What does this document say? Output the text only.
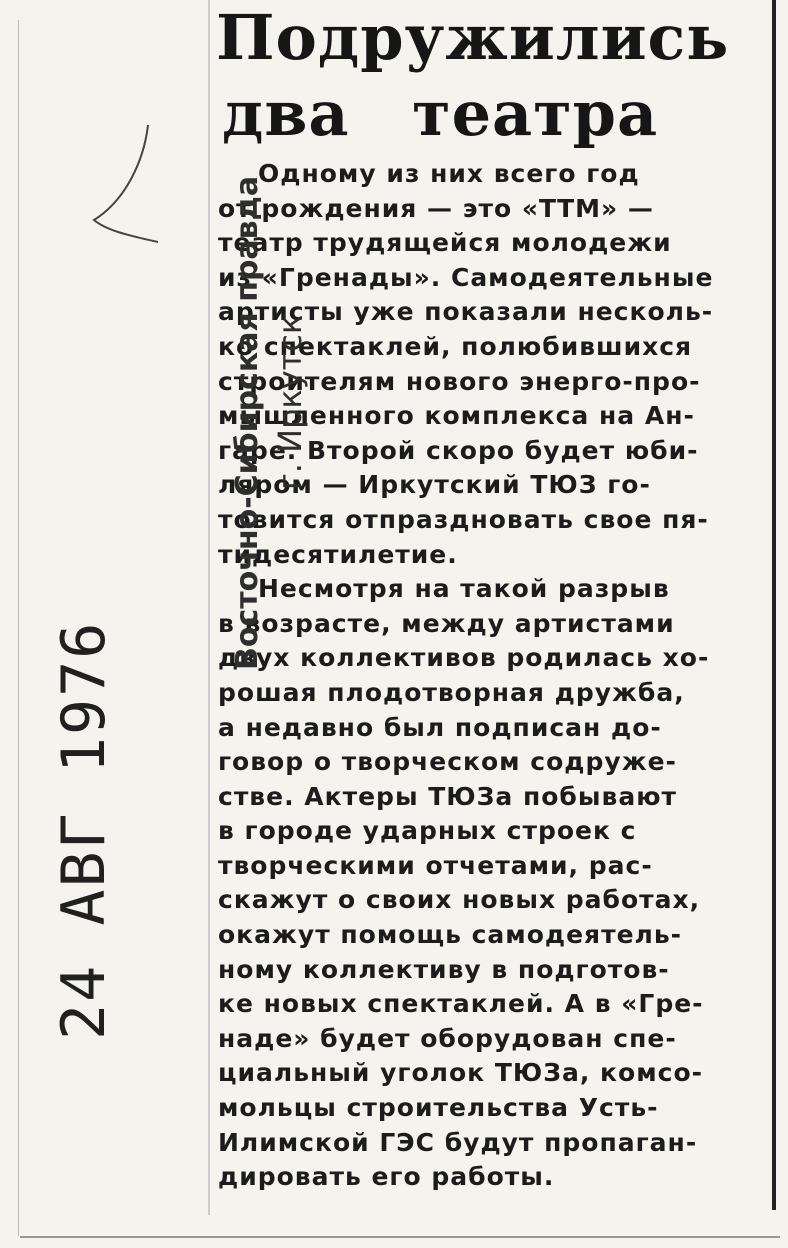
Подружились
два театра

Одному из них всего год

от рождения — это «ТТМ» —

театр трудящейся молодежи

из «Гренады». Самодеятельные

артисты уже показали несколь-

ко спектаклей, полюбившихся

строителям нового энерго-про-

мышленного комплекса на Ан-

гаре. Второй скоро будет юби-

ляром — Иркутский ТЮЗ го-

товится отпраздновать свое пя-

тидесятилетие.

Несмотря на такой разрыв

в возрасте, между артистами

двух коллективов родилась хо-

рошая плодотворная дружба,

а недавно был подписан до-

говор о творческом содруже-

стве. Актеры ТЮЗа побывают

в городе ударных строек с

творческими отчетами, рас-

скажут о своих новых работах,

окажут помощь самодеятель-

ному коллективу в подготов-

ке новых спектаклей. А в «Гре-

наде» будет оборудован спе-

циальный уголок ТЮЗа, комсо-

мольцы строительства Усть-

Илимской ГЭС будут пропаган-

дировать его работы.

Восточно-Сибирская правда г. Иркутск
24 АВГ 1976
